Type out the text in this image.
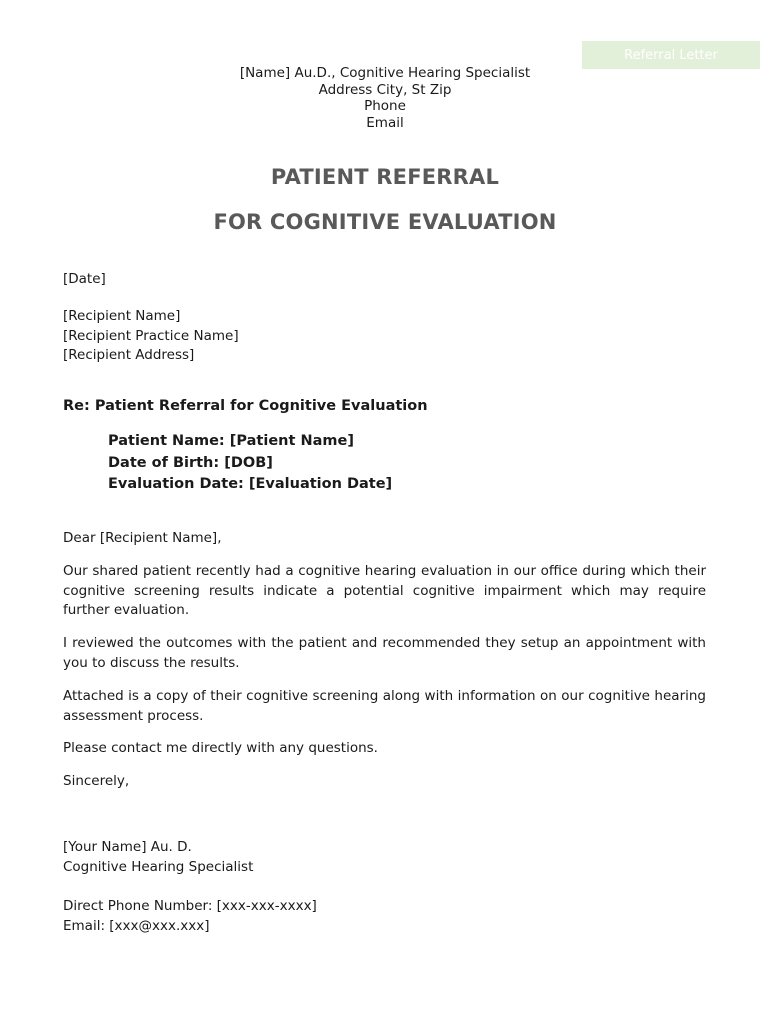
Referral Letter
[Name] Au.D., Cognitive Hearing Specialist
Address City, St Zip
Phone
Email
PATIENT REFERRAL
FOR COGNITIVE EVALUATION
[Date]
[Recipient Name]
[Recipient Practice Name]
[Recipient Address]
Re: Patient Referral for Cognitive Evaluation
Patient Name: [Patient Name]
Date of Birth: [DOB]
Evaluation Date: [Evaluation Date]
Dear [Recipient Name],
Our shared patient recently had a cognitive hearing evaluation in our office during which their cognitive screening results indicate a potential cognitive impairment which may require further evaluation.
I reviewed the outcomes with the patient and recommended they setup an appointment with you to discuss the results.
Attached is a copy of their cognitive screening along with information on our cognitive hearing assessment process.
Please contact me directly with any questions.
Sincerely,
[Your Name] Au. D.
Cognitive Hearing Specialist
Direct Phone Number: [xxx-xxx-xxxx]
Email: [xxx@xxx.xxx]
